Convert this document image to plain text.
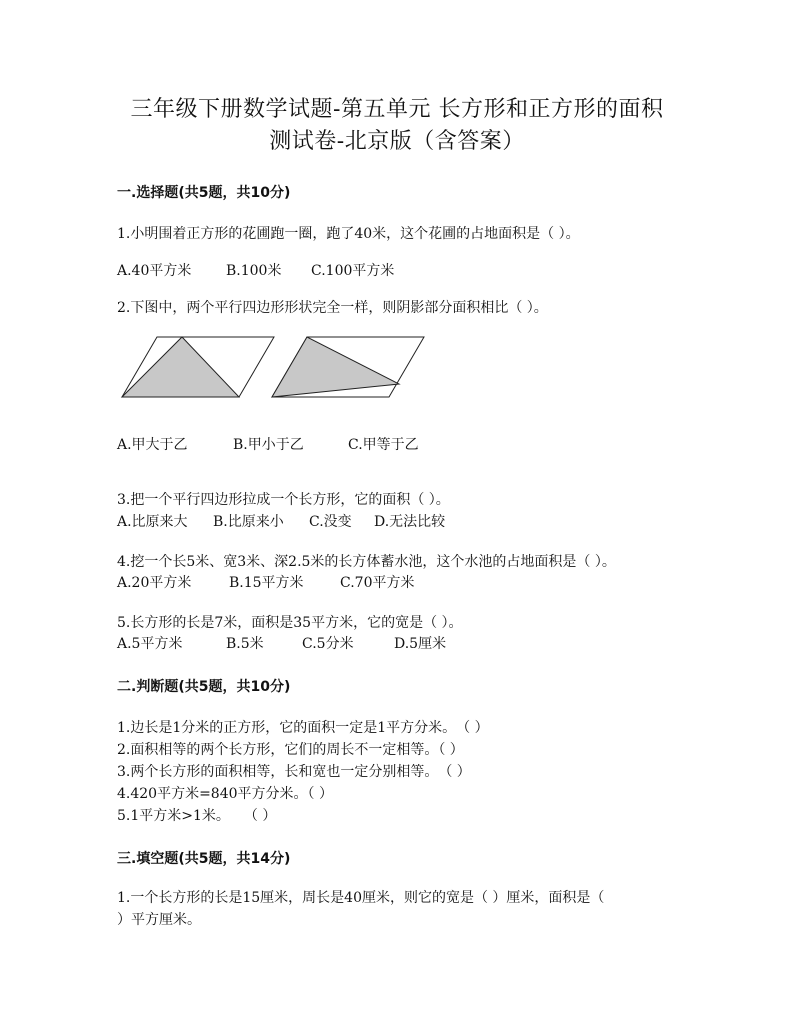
三年级下册数学试题-第五单元 长方形和正方形的面积
测试卷-北京版（含答案）
一.选择题(共5题，共10分)
1.小明围着正方形的花圃跑一圈，跑了40米，这个花圃的占地面积是（ ）。
A.40平方米 B.100米 C.100平方米
2.下图中，两个平行四边形形状完全一样，则阴影部分面积相比（ ）。
A.甲大于乙	B.甲小于乙	C.甲等于乙
3.把一个平行四边形拉成一个长方形，它的面积（ ）。
A.比原来大 B.比原来小 C.没变 D.无法比较
4.挖一个长5米、宽3米、深2.5米的长方体蓄水池，这个水池的占地面积是（ ）。
A.20平方米	B.15平方米	C.70平方米
5.长方形的长是7米，面积是35平方米，它的宽是（ ）。
A.5平方米	B.5米	C.5分米	D.5厘米
二.判断题(共5题，共10分)
1.边长是1分米的正方形，它的面积一定是1平方分米。　（ ）
2.面积相等的两个长方形，它们的周长不一定相等。（ ）
3.两个长方形的面积相等，长和宽也一定分别相等。　（ ）
4.420平方米=840平方分米。（ ）
5.1平方米>1米。　　（ ）
三.填空题(共5题，共14分)
1.一个长方形的长是15厘米，周长是40厘米，则它的宽是（ ）厘米，面积是（
）平方厘米。
